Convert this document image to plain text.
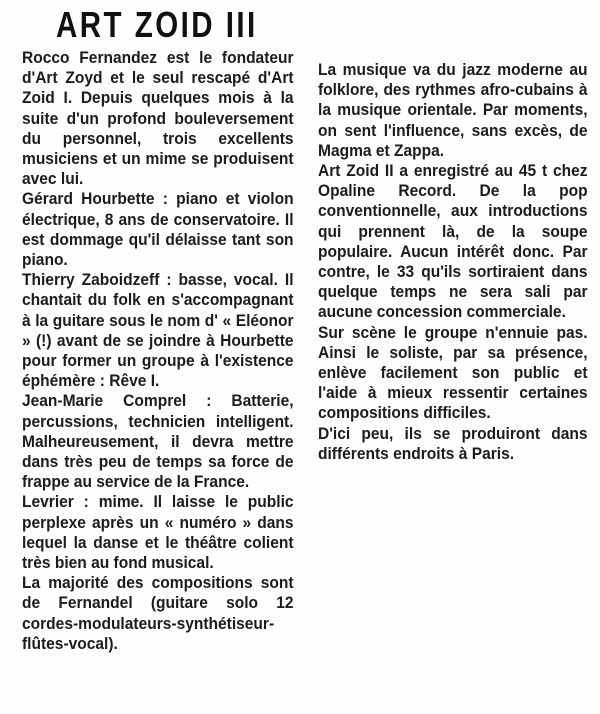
ART ZOID III

Rocco Fernandez est le fondateur d'Art Zoyd et le seul rescapé d'Art Zoid I. Depuis quelques mois à la suite d'un profond bouleversement du personnel, trois excellents musiciens et un mime se produisent avec lui.

Gérard Hourbette : piano et violon électrique, 8 ans de conservatoire. Il est dommage qu'il délaisse tant son piano.

Thierry Zaboidzeff : basse, vocal. Il chantait du folk en s'accompagnant à la guitare sous le nom d' « Eléonor » (!) avant de se joindre à Hourbette pour former un groupe à l'existence éphémère : Rêve I.

Jean-Marie Comprel : Batterie, percussions, technicien intelligent. Malheureusement, il devra mettre dans très peu de temps sa force de frappe au service de la France.

Levrier : mime. Il laisse le public perplexe après un « numéro » dans lequel la danse et le théâtre colient très bien au fond musical.

La majorité des compositions sont de Fernandel (guitare solo 12 cordes-modulateurs-synthétiseur-flûtes-vocal).

La musique va du jazz moderne au folklore, des rythmes afro-cubains à la musique orientale. Par moments, on sent l'influence, sans excès, de Magma et Zappa.

Art Zoid II a enregistré au 45 t chez Opaline Record. De la pop conventionnelle, aux introductions qui prennent là, de la soupe populaire. Aucun intérêt donc. Par contre, le 33 qu'ils sortiraient dans quelque temps ne sera sali par aucune concession commerciale.

Sur scène le groupe n'ennuie pas. Ainsi le soliste, par sa présence, enlève facilement son public et l'aide à mieux ressentir certaines compositions difficiles.

D'ici peu, ils se produiront dans différents endroits à Paris.
